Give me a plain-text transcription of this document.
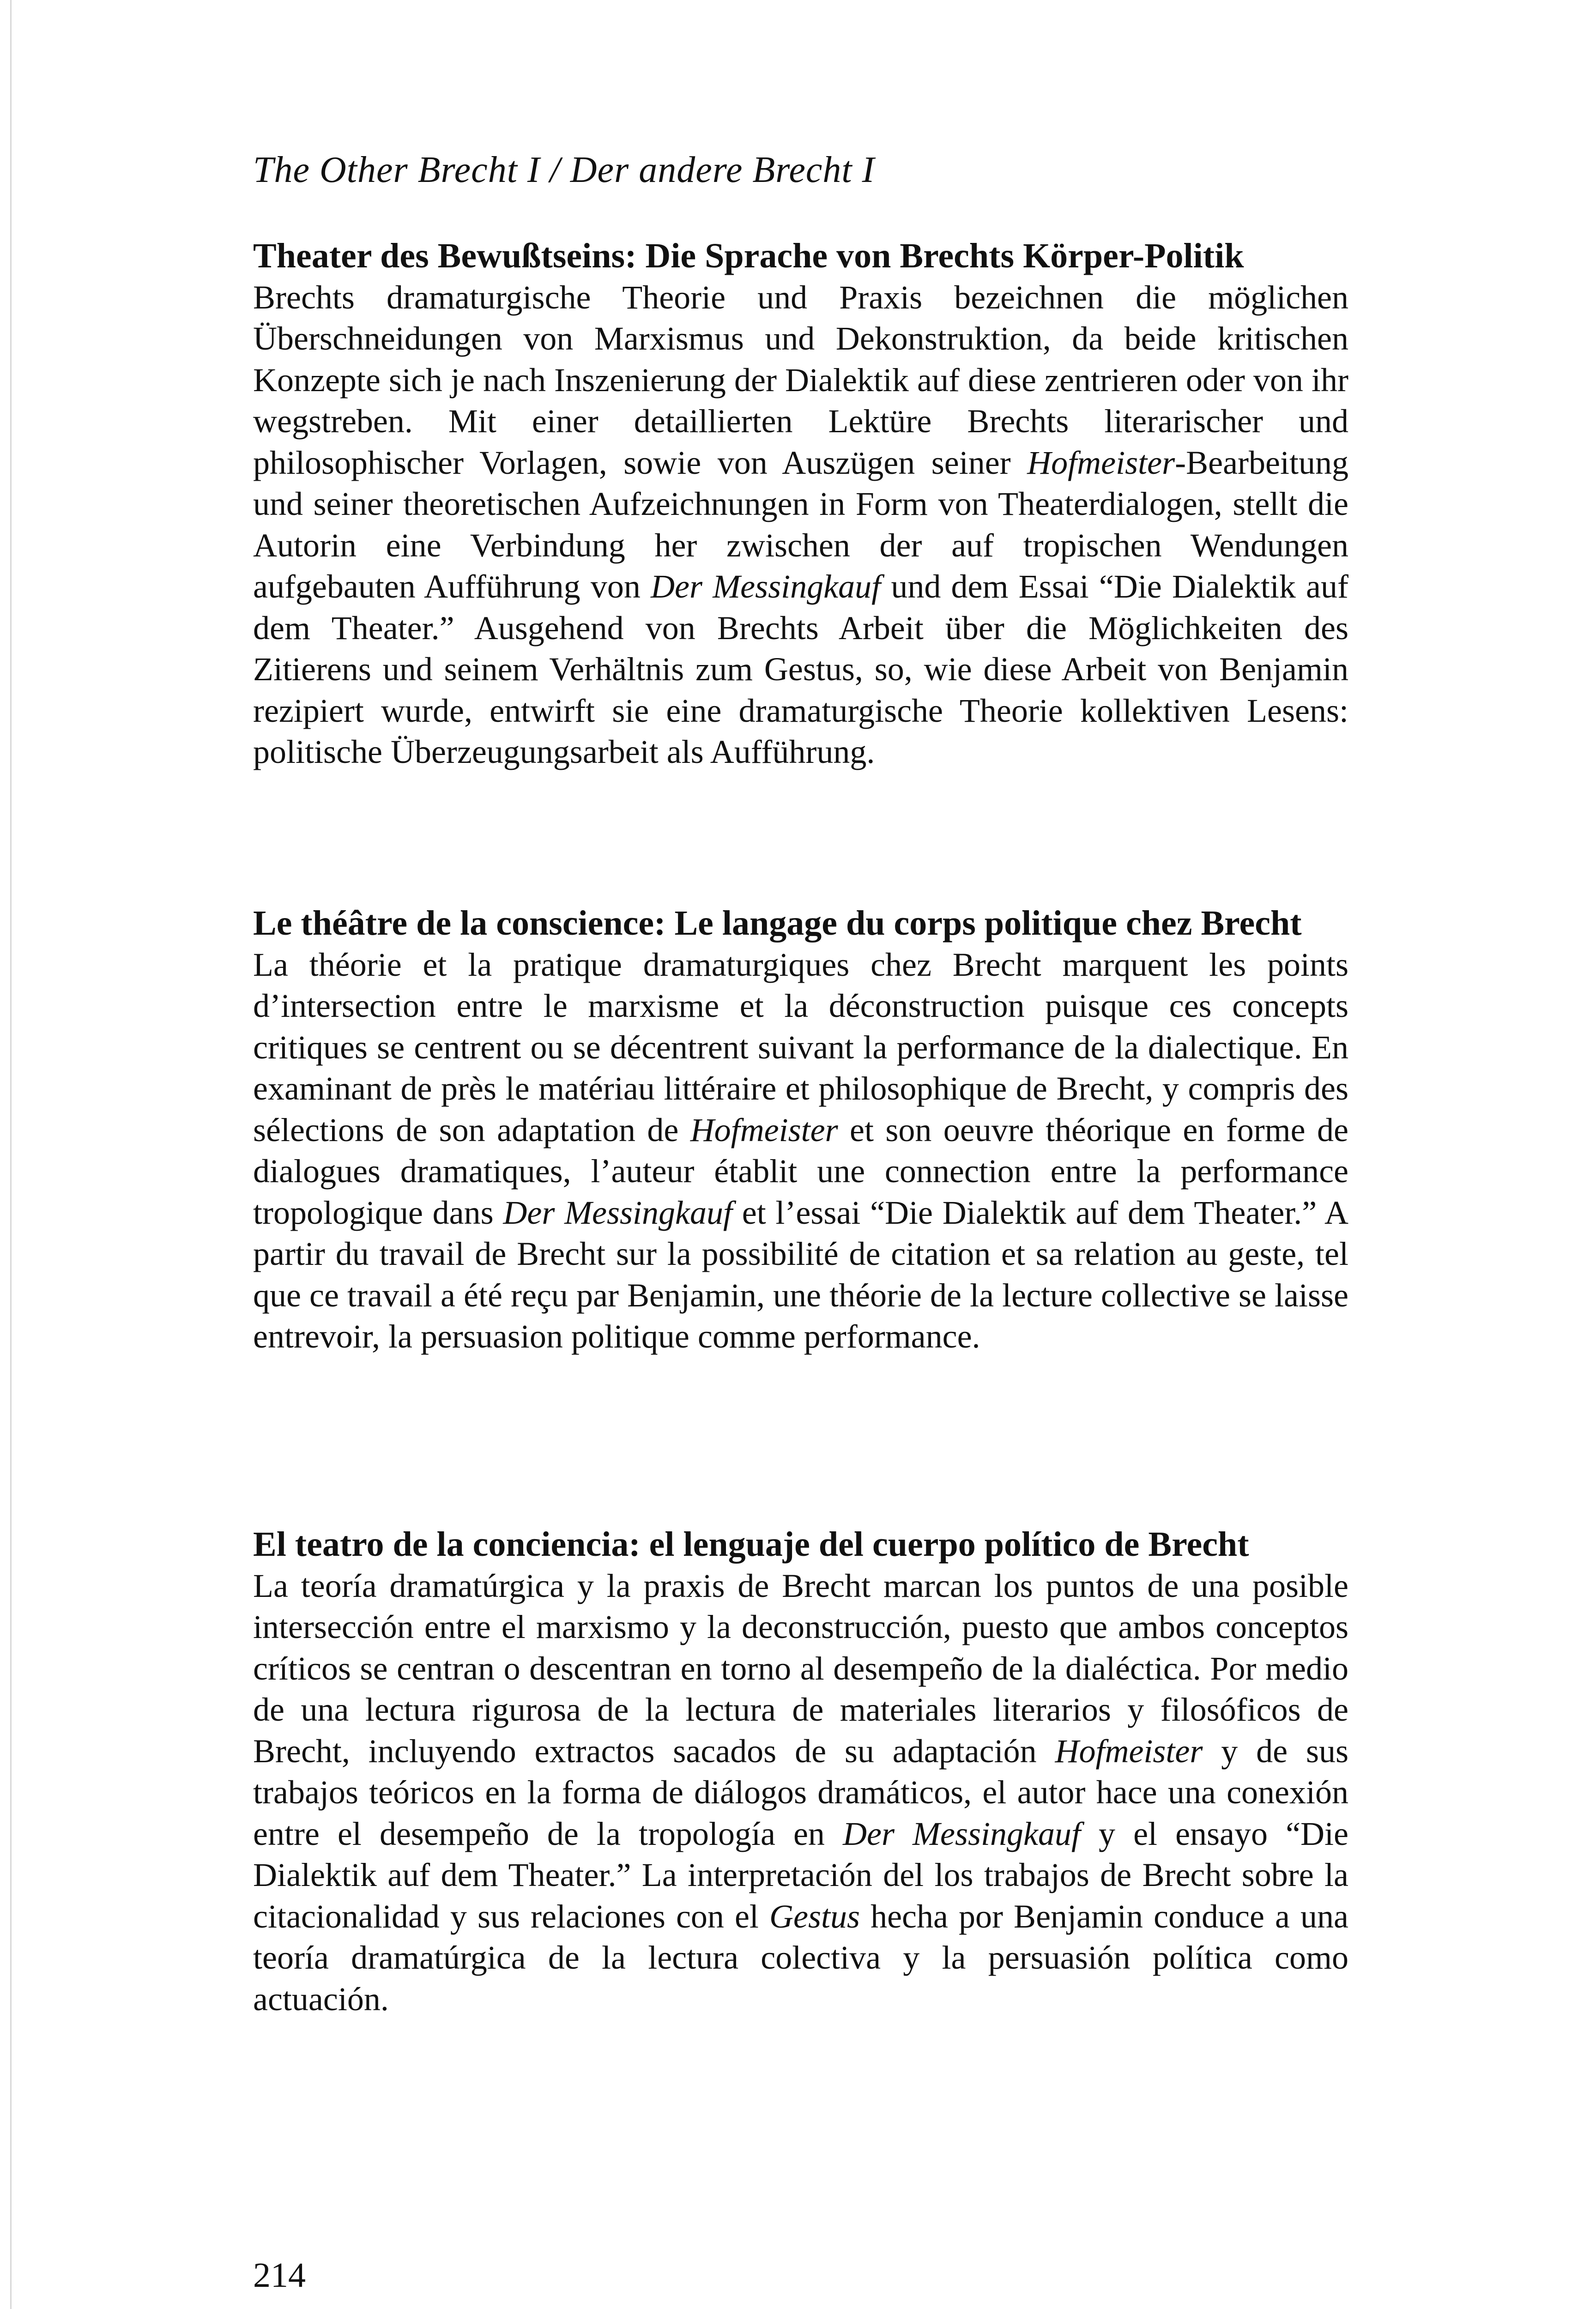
The Other Brecht I / Der andere Brecht I
Theater des Bewußtseins: Die Sprache von Brechts Körper-Politik

Brechts dramaturgische Theorie und Praxis bezeichnen die möglichen Überschneidungen von Marxismus und Dekonstruktion, da beide kritischen Konzepte sich je nach Inszenierung der Dialektik auf diese zentrieren oder von ihr wegstreben. Mit einer detaillierten Lektüre Brechts literarischer und philosophischer Vorlagen, sowie von Auszügen seiner Hofmeister-Bearbeitung und seiner theoretischen Aufzeichnungen in Form von Theaterdialogen, stellt die Autorin eine Verbindung her zwischen der auf tropischen Wendungen aufgebauten Aufführung von Der Messingkauf und dem Essai “Die Dialektik auf dem Theater.” Ausgehend von Brechts Arbeit über die Möglichkeiten des Zitierens und seinem Verhältnis zum Gestus, so, wie diese Arbeit von Benjamin rezipiert wurde, entwirft sie eine dramaturgische Theorie kollektiven Lesens: politische Überzeugungsarbeit als Aufführung.

Le théâtre de la conscience: Le langage du corps politique chez Brecht

La théorie et la pratique dramaturgiques chez Brecht marquent les points d’intersection entre le marxisme et la déconstruction puisque ces concepts critiques se centrent ou se décentrent suivant la performance de la dialectique. En examinant de près le matériau littéraire et philosophique de Brecht, y compris des sélections de son adaptation de Hofmeister et son oeuvre théorique en forme de dialogues dramatiques, l’auteur établit une connection entre la performance tropologique dans Der Messingkauf et l’essai “Die Dialektik auf dem Theater.” A partir du travail de Brecht sur la possibilité de citation et sa relation au geste, tel que ce travail a été reçu par Benjamin, une théorie de la lecture collective se laisse entrevoir, la persuasion politique comme performance.

El teatro de la conciencia: el lenguaje del cuerpo político de Brecht

La teoría dramatúrgica y la praxis de Brecht marcan los puntos de una posible intersección entre el marxismo y la deconstrucción, puesto que ambos conceptos críticos se centran o descentran en torno al desempeño de la dialéctica. Por medio de una lectura rigurosa de la lectura de materiales literarios y filosóficos de Brecht, incluyendo extractos sacados de su adaptación Hofmeister y de sus trabajos teóricos en la forma de diálogos dramáticos, el autor hace una conexión entre el desempeño de la tropología en Der Messingkauf y el ensayo “Die Dialektik auf dem Theater.” La interpretación del los trabajos de Brecht sobre la citacionalidad y sus relaciones con el Gestus hecha por Benjamin conduce a una teoría dramatúrgica de la lectura colectiva y la persuasión política como actuación.

214
